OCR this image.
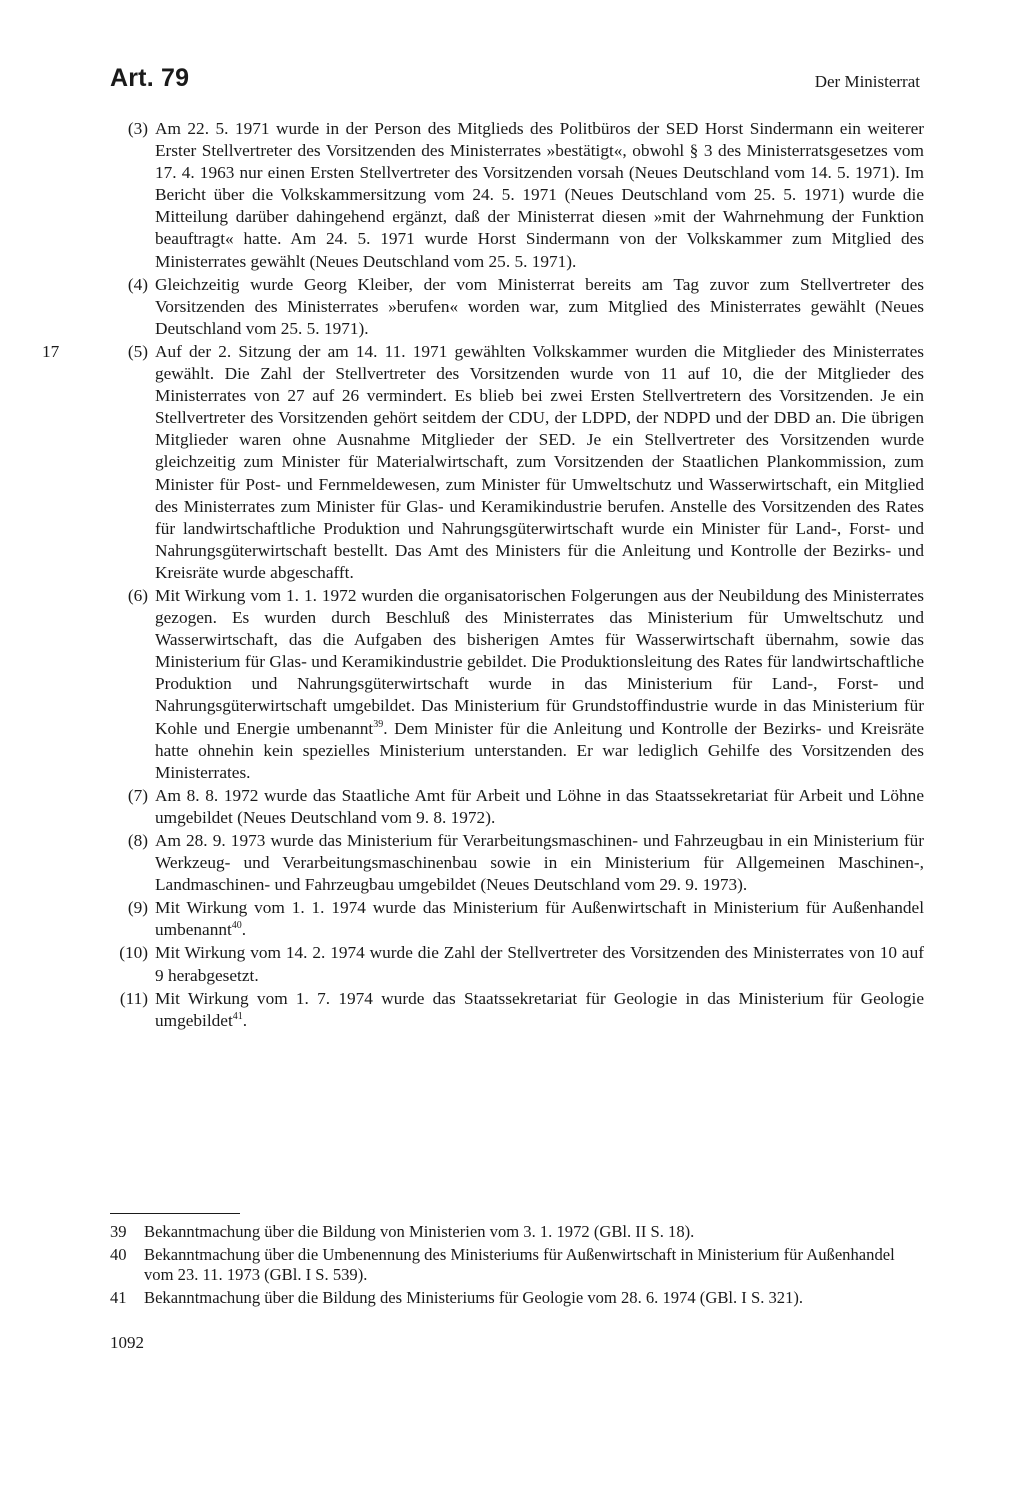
Art. 79	Der Ministerrat

(3) Am 22. 5. 1971 wurde in der Person des Mitglieds des Politbüros der SED Horst Sindermann ein weiterer Erster Stellvertreter des Vorsitzenden des Ministerrates »bestätigt«, obwohl § 3 des Ministerratsgesetzes vom 17. 4. 1963 nur einen Ersten Stellvertreter des Vorsitzenden vorsah (Neues Deutschland vom 14. 5. 1971). Im Bericht über die Volkskammersitzung vom 24. 5. 1971 (Neues Deutschland vom 25. 5. 1971) wurde die Mitteilung darüber dahingehend ergänzt, daß der Ministerrat diesen »mit der Wahrnehmung der Funktion beauftragt« hatte. Am 24. 5. 1971 wurde Horst Sindermann von der Volkskammer zum Mitglied des Ministerrates gewählt (Neues Deutschland vom 25. 5. 1971).

(4) Gleichzeitig wurde Georg Kleiber, der vom Ministerrat bereits am Tag zuvor zum Stellvertreter des Vorsitzenden des Ministerrates »berufen« worden war, zum Mitglied des Ministerrates gewählt (Neues Deutschland vom 25. 5. 1971).

17	(5) Auf der 2. Sitzung der am 14. 11. 1971 gewählten Volkskammer wurden die Mitglieder des Ministerrates gewählt. Die Zahl der Stellvertreter des Vorsitzenden wurde von 11 auf 10, die der Mitglieder des Ministerrates von 27 auf 26 vermindert. Es blieb bei zwei Ersten Stellvertretern des Vorsitzenden. Je ein Stellvertreter des Vorsitzenden gehört seitdem der CDU, der LDPD, der NDPD und der DBD an. Die übrigen Mitglieder waren ohne Ausnahme Mitglieder der SED. Je ein Stellvertreter des Vorsitzenden wurde gleichzeitig zum Minister für Materialwirtschaft, zum Vorsitzenden der Staatlichen Plankommission, zum Minister für Post- und Fernmeldewesen, zum Minister für Umweltschutz und Wasserwirtschaft, ein Mitglied des Ministerrates zum Minister für Glas- und Keramikindustrie berufen. Anstelle des Vorsitzenden des Rates für landwirtschaftliche Produktion und Nahrungsgüterwirtschaft wurde ein Minister für Land-, Forst- und Nahrungsgüterwirtschaft bestellt. Das Amt des Ministers für die Anleitung und Kontrolle der Bezirks- und Kreisräte wurde abgeschafft.

(6) Mit Wirkung vom 1. 1. 1972 wurden die organisatorischen Folgerungen aus der Neubildung des Ministerrates gezogen. Es wurden durch Beschluß des Ministerrates das Ministerium für Umweltschutz und Wasserwirtschaft, das die Aufgaben des bisherigen Amtes für Wasserwirtschaft übernahm, sowie das Ministerium für Glas- und Keramikindustrie gebildet. Die Produktionsleitung des Rates für landwirtschaftliche Produktion und Nahrungsgüterwirtschaft wurde in das Ministerium für Land-, Forst- und Nahrungsgüterwirtschaft umgebildet. Das Ministerium für Grundstoffindustrie wurde in das Ministerium für Kohle und Energie umbenannt$^{39}$. Dem Minister für die Anleitung und Kontrolle der Bezirks- und Kreisräte hatte ohnehin kein spezielles Ministerium unterstanden. Er war lediglich Gehilfe des Vorsitzenden des Ministerrates.

(7) Am 8. 8. 1972 wurde das Staatliche Amt für Arbeit und Löhne in das Staatssekretariat für Arbeit und Löhne umgebildet (Neues Deutschland vom 9. 8. 1972).

(8) Am 28. 9. 1973 wurde das Ministerium für Verarbeitungsmaschinen- und Fahrzeugbau in ein Ministerium für Werkzeug- und Verarbeitungsmaschinenbau sowie in ein Ministerium für Allgemeinen Maschinen-, Landmaschinen- und Fahrzeugbau umgebildet (Neues Deutschland vom 29. 9. 1973).

(9) Mit Wirkung vom 1. 1. 1974 wurde das Ministerium für Außenwirtschaft in Ministerium für Außenhandel umbenannt$^{40}$.

(10) Mit Wirkung vom 14. 2. 1974 wurde die Zahl der Stellvertreter des Vorsitzenden des Ministerrates von 10 auf 9 herabgesetzt.

(11) Mit Wirkung vom 1. 7. 1974 wurde das Staatssekretariat für Geologie in das Ministerium für Geologie umgebildet$^{41}$.

39 Bekanntmachung über die Bildung von Ministerien vom 3. 1. 1972 (GBl. II S. 18).

40 Bekanntmachung über die Umbenennung des Ministeriums für Außenwirtschaft in Ministerium für Außenhandel vom 23. 11. 1973 (GBl. I S. 539).

41 Bekanntmachung über die Bildung des Ministeriums für Geologie vom 28. 6. 1974 (GBl. I S. 321).

1092
